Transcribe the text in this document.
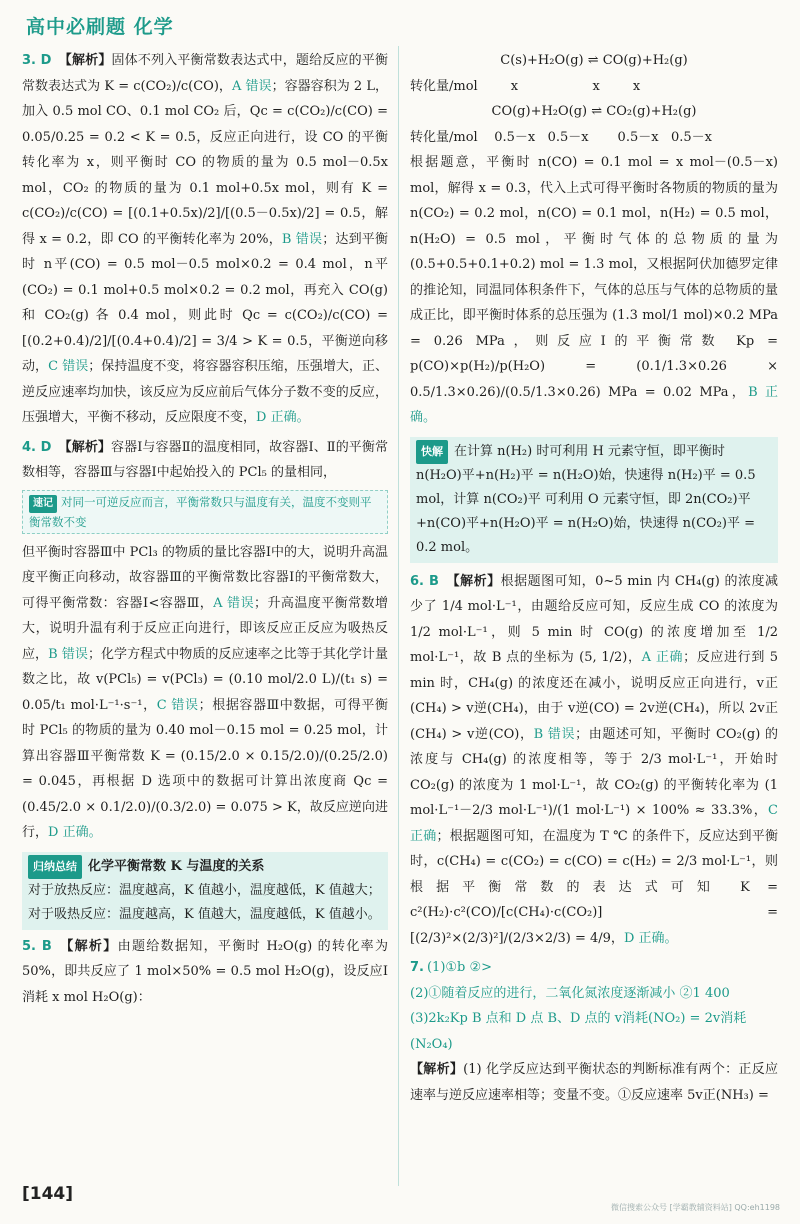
高中必刷题 化学

3. D 【解析】固体不列入平衡常数表达式中，题给反应的平衡常数表达式为 K = c(CO₂)/c(CO)，A 错误；容器容积为 2 L，加入 0.5 mol CO、0.1 mol CO₂ 后，Qc = c(CO₂)/c(CO) = 0.05/0.25 = 0.2 < K = 0.5，反应正向进行，设 CO 的平衡转化率为 x，则平衡时 CO 的物质的量为 0.5 mol－0.5x mol，CO₂ 的物质的量为 0.1 mol+0.5x mol，则有 K = c(CO₂)/c(CO) = [(0.1+0.5x)/2]/[(0.5－0.5x)/2] = 0.5，解得 x = 0.2，即 CO 的平衡转化率为 20%，B 错误；达到平衡时 n平(CO) = 0.5 mol－0.5 mol×0.2 = 0.4 mol，n平(CO₂) = 0.1 mol+0.5 mol×0.2 = 0.2 mol，再充入 CO(g) 和 CO₂(g) 各 0.4 mol，则此时 Qc = c(CO₂)/c(CO) = [(0.2+0.4)/2]/[(0.4+0.4)/2] = 3/4 > K = 0.5，平衡逆向移动，C 错误；保持温度不变，将容器容积压缩，压强增大，正、逆反应速率均加快，该反应为反应前后气体分子数不变的反应，压强增大，平衡不移动，反应限度不变，D 正确。

4. D 【解析】容器Ⅰ与容器Ⅱ的温度相同，故容器Ⅰ、Ⅱ的平衡常数相等，容器Ⅲ与容器Ⅰ中起始投入的 PCl₅ 的量相同，

速记 对同一可逆反应而言，平衡常数只与温度有关，温度不变则平衡常数不变

但平衡时容器Ⅲ中 PCl₃ 的物质的量比容器Ⅰ中的大，说明升高温度平衡正向移动，故容器Ⅲ的平衡常数比容器Ⅰ的平衡常数大，可得平衡常数：容器Ⅰ<容器Ⅲ，A 错误；升高温度平衡常数增大，说明升温有利于反应正向进行，即该反应正反应为吸热反应，B 错误；化学方程式中物质的反应速率之比等于其化学计量数之比，故 v(PCl₅) = v(PCl₃) = (0.10 mol/2.0 L)/(t₁ s) = 0.05/t₁ mol·L⁻¹·s⁻¹，C 错误；根据容器Ⅲ中数据，可得平衡时 PCl₅ 的物质的量为 0.40 mol－0.15 mol = 0.25 mol，计算出容器Ⅲ平衡常数 K = (0.15/2.0 × 0.15/2.0)/(0.25/2.0) = 0.045，再根据 D 选项中的数据可计算出浓度商 Qc = (0.45/2.0 × 0.1/2.0)/(0.3/2.0) = 0.075 > K，故反应逆向进行，D 正确。

归纳总结 化学平衡常数 K 与温度的关系
对于放热反应：温度越高，K 值越小，温度越低，K 值越大；
对于吸热反应：温度越高，K 值越大，温度越低，K 值越小。

5. B 【解析】由题给数据知，平衡时 H₂O(g) 的转化率为 50%，即共反应了 1 mol×50% = 0.5 mol H₂O(g)，设反应Ⅰ消耗 x mol H₂O(g)：

C(s)+H₂O(g) ⇌ CO(g)+H₂(g)

转化量/mol        x                  x        x

CO(g)+H₂O(g) ⇌ CO₂(g)+H₂(g)

转化量/mol    0.5－x   0.5－x       0.5－x   0.5－x

根据题意，平衡时 n(CO) = 0.1 mol = x mol－(0.5－x) mol，解得 x = 0.3，代入上式可得平衡时各物质的物质的量为 n(CO₂) = 0.2 mol，n(CO) = 0.1 mol，n(H₂) = 0.5 mol，n(H₂O) = 0.5 mol，平衡时气体的总物质的量为 (0.5+0.5+0.1+0.2) mol = 1.3 mol，又根据阿伏加德罗定律的推论知，同温同体积条件下，气体的总压与气体的总物质的量成正比，即平衡时体系的总压强为 (1.3 mol/1 mol)×0.2 MPa = 0.26 MPa，则反应Ⅰ的平衡常数 Kp = p(CO)×p(H₂)/p(H₂O) = (0.1/1.3×0.26 × 0.5/1.3×0.26)/(0.5/1.3×0.26) MPa = 0.02 MPa，B 正确。

快解 在计算 n(H₂) 时可利用 H 元素守恒，即平衡时 n(H₂O)平+n(H₂)平 = n(H₂O)始，快速得 n(H₂)平 = 0.5 mol，计算 n(CO₂)平 可利用 O 元素守恒，即 2n(CO₂)平+n(CO)平+n(H₂O)平 = n(H₂O)始，快速得 n(CO₂)平 = 0.2 mol。

6. B 【解析】根据题图可知，0~5 min 内 CH₄(g) 的浓度减少了 1/4 mol·L⁻¹，由题给反应可知，反应生成 CO 的浓度为 1/2 mol·L⁻¹，则 5 min 时 CO(g) 的浓度增加至 1/2 mol·L⁻¹，故 B 点的坐标为 (5, 1/2)，A 正确；反应进行到 5 min 时，CH₄(g) 的浓度还在减小，说明反应正向进行，v正(CH₄) > v逆(CH₄)，由于 v逆(CO) = 2v逆(CH₄)，所以 2v正(CH₄) > v逆(CO)，B 错误；由题述可知，平衡时 CO₂(g) 的浓度与 CH₄(g) 的浓度相等，等于 2/3 mol·L⁻¹，开始时 CO₂(g) 的浓度为 1 mol·L⁻¹，故 CO₂(g) 的平衡转化率为 (1 mol·L⁻¹－2/3 mol·L⁻¹)/(1 mol·L⁻¹) × 100% ≈ 33.3%，C 正确；根据题图可知，在温度为 T ℃ 的条件下，反应达到平衡时，c(CH₄) = c(CO₂) = c(CO) = c(H₂) = 2/3 mol·L⁻¹，则根据平衡常数的表达式可知 K = c²(H₂)·c²(CO)/[c(CH₄)·c(CO₂)] = [(2/3)²×(2/3)²]/(2/3×2/3) = 4/9，D 正确。

7. (1)①b ②>
(2)①随着反应的进行，二氧化氮浓度逐渐减小 ②1 400
(3)2k₂Kp B 点和 D 点 B、D 点的 v消耗(NO₂) = 2v消耗(N₂O₄)

【解析】(1) 化学反应达到平衡状态的判断标准有两个：正反应速率与逆反应速率相等；变量不变。①反应速率 5v正(NH₃) =

[144]
微信搜索公众号 [学霸教辅资料站] QQ:eh1198
